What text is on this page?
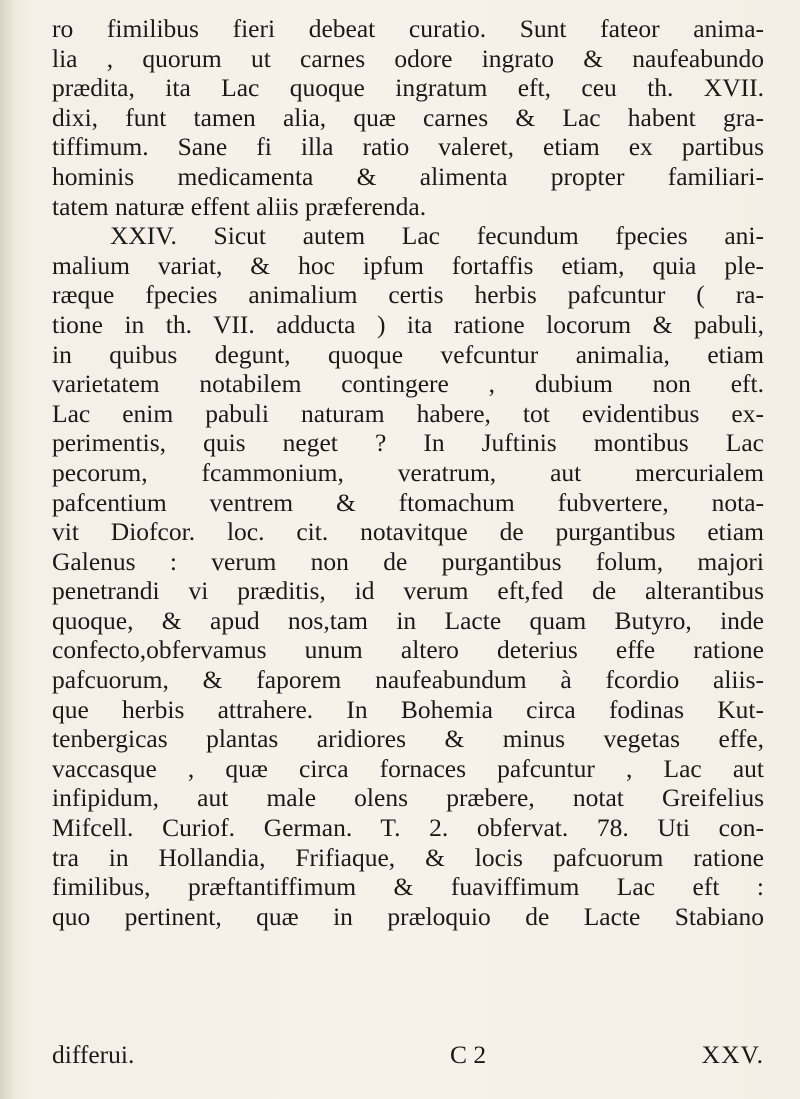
ro fimilibus fieri debeat curatio. Sunt fateor anima-
lia , quorum ut carnes odore ingrato & naufeabundo
prædita, ita Lac quoque ingratum eft, ceu th. XVII.
dixi, funt tamen alia, quæ carnes & Lac habent gra-
tiffimum. Sane fi illa ratio valeret, etiam ex partibus
hominis medicamenta & alimenta propter familiari-
tatem naturæ effent aliis præferenda.
XXIV. Sicut autem Lac fecundum fpecies ani-
malium variat, & hoc ipfum fortaffis etiam, quia ple-
ræque fpecies animalium certis herbis pafcuntur ( ra-
tione in th. VII. adducta ) ita ratione locorum & pabuli,
in quibus degunt, quoque vefcuntur animalia, etiam
varietatem notabilem contingere , dubium non eft.
Lac enim pabuli naturam habere, tot evidentibus ex-
perimentis, quis neget ? In Juftinis montibus Lac
pecorum, fcammonium, veratrum, aut mercurialem
pafcentium ventrem & ftomachum fubvertere, nota-
vit Diofcor. loc. cit. notavitque de purgantibus etiam
Galenus : verum non de purgantibus folum, majori
penetrandi vi præditis, id verum eft,fed de alterantibus
quoque, & apud nos,tam in Lacte quam Butyro, inde
confecto,obfervamus unum altero deterius effe ratione
pafcuorum, & faporem naufeabundum à fcordio aliis-
que herbis attrahere. In Bohemia circa fodinas Kut-
tenbergicas plantas aridiores & minus vegetas effe,
vaccasque , quæ circa fornaces pafcuntur , Lac aut
infipidum, aut male olens præbere, notat Greifelius
Mifcell. Curiof. German. T. 2. obfervat. 78. Uti con-
tra in Hollandia, Frifiaque, & locis pafcuorum ratione
fimilibus, præftantiffimum & fuaviffimum Lac eft :
quo pertinent, quæ in præloquio de Lacte Stabiano
differui.	C 2	XXV.
